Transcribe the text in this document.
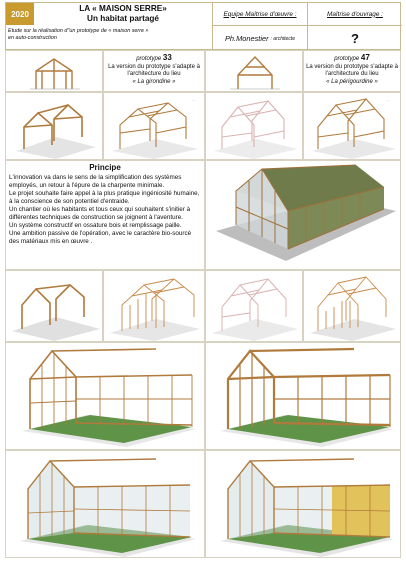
2020
LA « MAISON SERRE»
Un habitat partagé	Equipe Maîtrise d'œuvre :	Maîtrise d'ouvrage :
Etude sur la réalisation d''un prototype de « maison serre »
en auto-construction	Ph.Monestier : architecte	?
prototype 33
La version du prototype s'adapte à
l'architecture du lieu
« La girondine »
prototype 47
La version du prototype s'adapte à
l'architecture du lieu
« La périgourdine »
····	····
Principe

L'innovation va dans le sens de la simplification des systèmes employés, un retour à l'épure de la charpente minimale.

Le projet souhaite faire appel à la plus pratique ingéniosité humaine, à la conscience de son potentiel d'entraide.

Un chantier où les habitants et tous ceux qui souhaitent s'initier à différentes techniques de construction se joignent à l'aventure.

Un système constructif en ossature bois et remplissage paille.

Une ambition passive de l'opération, avec le caractère bio-sourcé des matériaux mis en œuvre .
